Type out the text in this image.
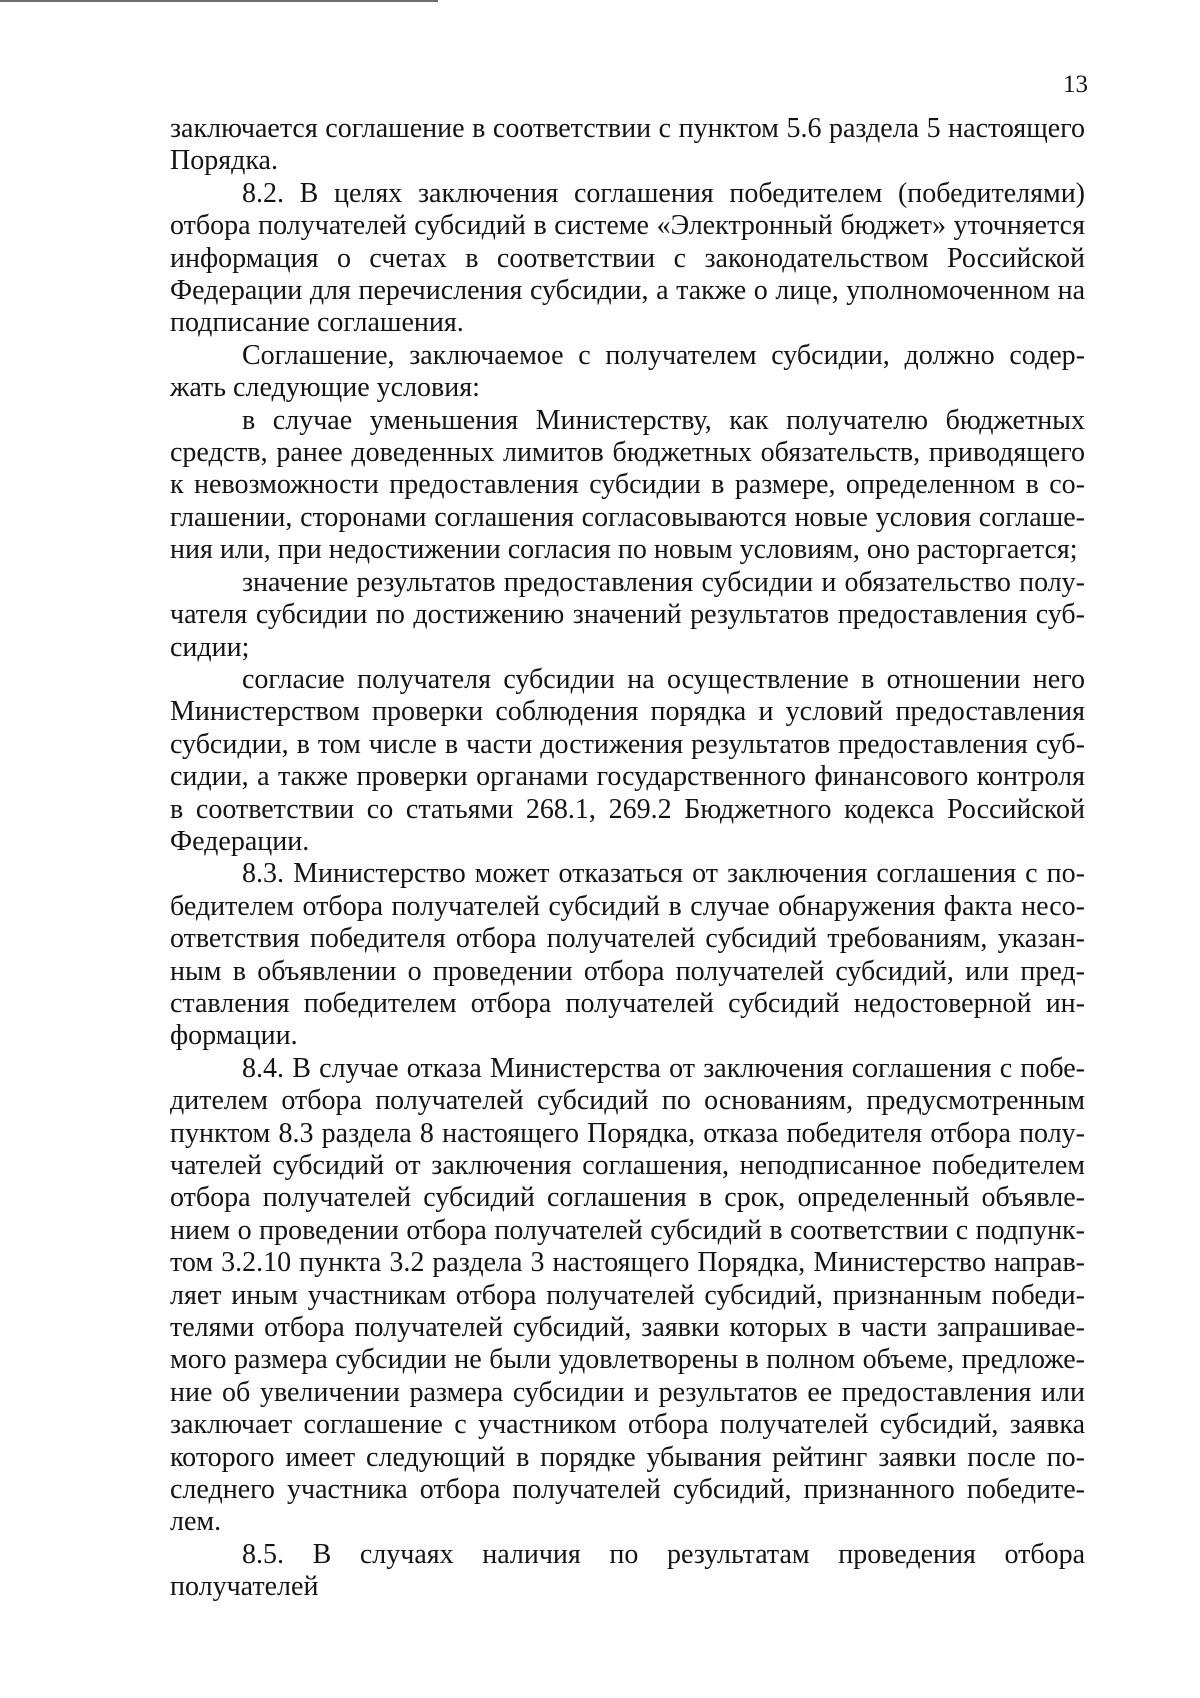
13

заключается соглашение в соответствии с пунктом 5.6 раздела 5 настоящего Порядка.

8.2. В целях заключения соглашения победителем (победителями) отбора получателей субсидий в системе «Электронный бюджет» уточняется информация о счетах в соответствии с законодательством Российской Федерации для перечисления субсидии, а также о лице, уполномоченном на подписание соглашения.

Соглашение, заключаемое с получателем субсидии, должно содержать следующие условия:

в случае уменьшения Министерству, как получателю бюджетных средств, ранее доведенных лимитов бюджетных обязательств, приводящего к невозможности предоставления субсидии в размере, определенном в соглашении, сторонами соглашения согласовываются новые условия соглашения или, при недостижении согласия по новым условиям, оно расторгается;

значение результатов предоставления субсидии и обязательство получателя субсидии по достижению значений результатов предоставления субсидии;

согласие получателя субсидии на осуществление в отношении него Министерством проверки соблюдения порядка и условий предоставления субсидии, в том числе в части достижения результатов предоставления субсидии, а также проверки органами государственного финансового контроля в соответствии со статьями 268.1, 269.2 Бюджетного кодекса Российской Федерации.

8.3. Министерство может отказаться от заключения соглашения с победителем отбора получателей субсидий в случае обнаружения факта несоответствия победителя отбора получателей субсидий требованиям, указанным в объявлении о проведении отбора получателей субсидий, или представления победителем отбора получателей субсидий недостоверной информации.

8.4. В случае отказа Министерства от заключения соглашения с победителем отбора получателей субсидий по основаниям, предусмотренным пунктом 8.3 раздела 8 настоящего Порядка, отказа победителя отбора получателей субсидий от заключения соглашения, неподписанное победителем отбора получателей субсидий соглашения в срок, определенный объявлением о проведении отбора получателей субсидий в соответствии с подпунктом 3.2.10 пункта 3.2 раздела 3 настоящего Порядка, Министерство направляет иным участникам отбора получателей субсидий, признанным победителями отбора получателей субсидий, заявки которых в части запрашиваемого размера субсидии не были удовлетворены в полном объеме, предложение об увеличении размера субсидии и результатов ее предоставления или заключает соглашение с участником отбора получателей субсидий, заявка которого имеет следующий в порядке убывания рейтинг заявки после последнего участника отбора получателей субсидий, признанного победителем.

8.5. В случаях наличия по результатам проведения отбора получателей
